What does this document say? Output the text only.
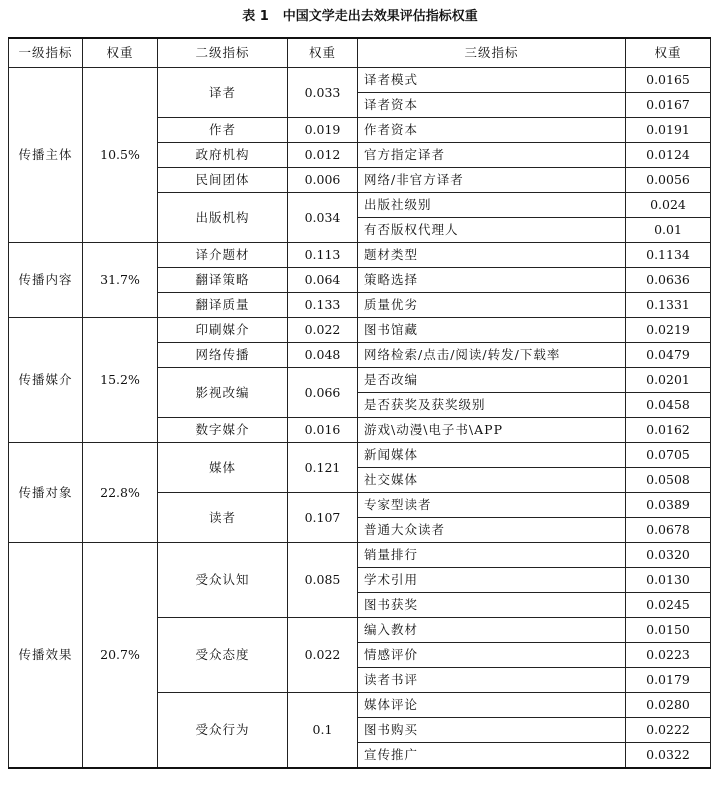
表 1 中国文学走出去效果评估指标权重
一级指标	权重	二级指标	权重	三级指标	权重
传播主体	10.5%	译者	0.033	译者模式	0.0165
				译者资本	0.0167
		作者	0.019	作者资本	0.0191
		政府机构	0.012	官方指定译者	0.0124
		民间团体	0.006	网络/非官方译者	0.0056
		出版机构	0.034	出版社级别	0.024
				有否版权代理人	0.01
传播内容	31.7%	译介题材	0.113	题材类型	0.1134
		翻译策略	0.064	策略选择	0.0636
		翻译质量	0.133	质量优劣	0.1331
传播媒介	15.2%	印刷媒介	0.022	图书馆藏	0.0219
		网络传播	0.048	网络检索/点击/阅读/转发/下载率	0.0479
		影视改编	0.066	是否改编	0.0201
				是否获奖及获奖级别	0.0458
		数字媒介	0.016	游戏\动漫\电子书\APP	0.0162
传播对象	22.8%	媒体	0.121	新闻媒体	0.0705
				社交媒体	0.0508
		读者	0.107	专家型读者	0.0389
				普通大众读者	0.0678
传播效果	20.7%	受众认知	0.085	销量排行	0.0320
				学术引用	0.0130
				图书获奖	0.0245
		受众态度	0.022	编入教材	0.0150
				情感评价	0.0223
				读者书评	0.0179
		受众行为	0.1	媒体评论	0.0280
				图书购买	0.0222
				宣传推广	0.0322
